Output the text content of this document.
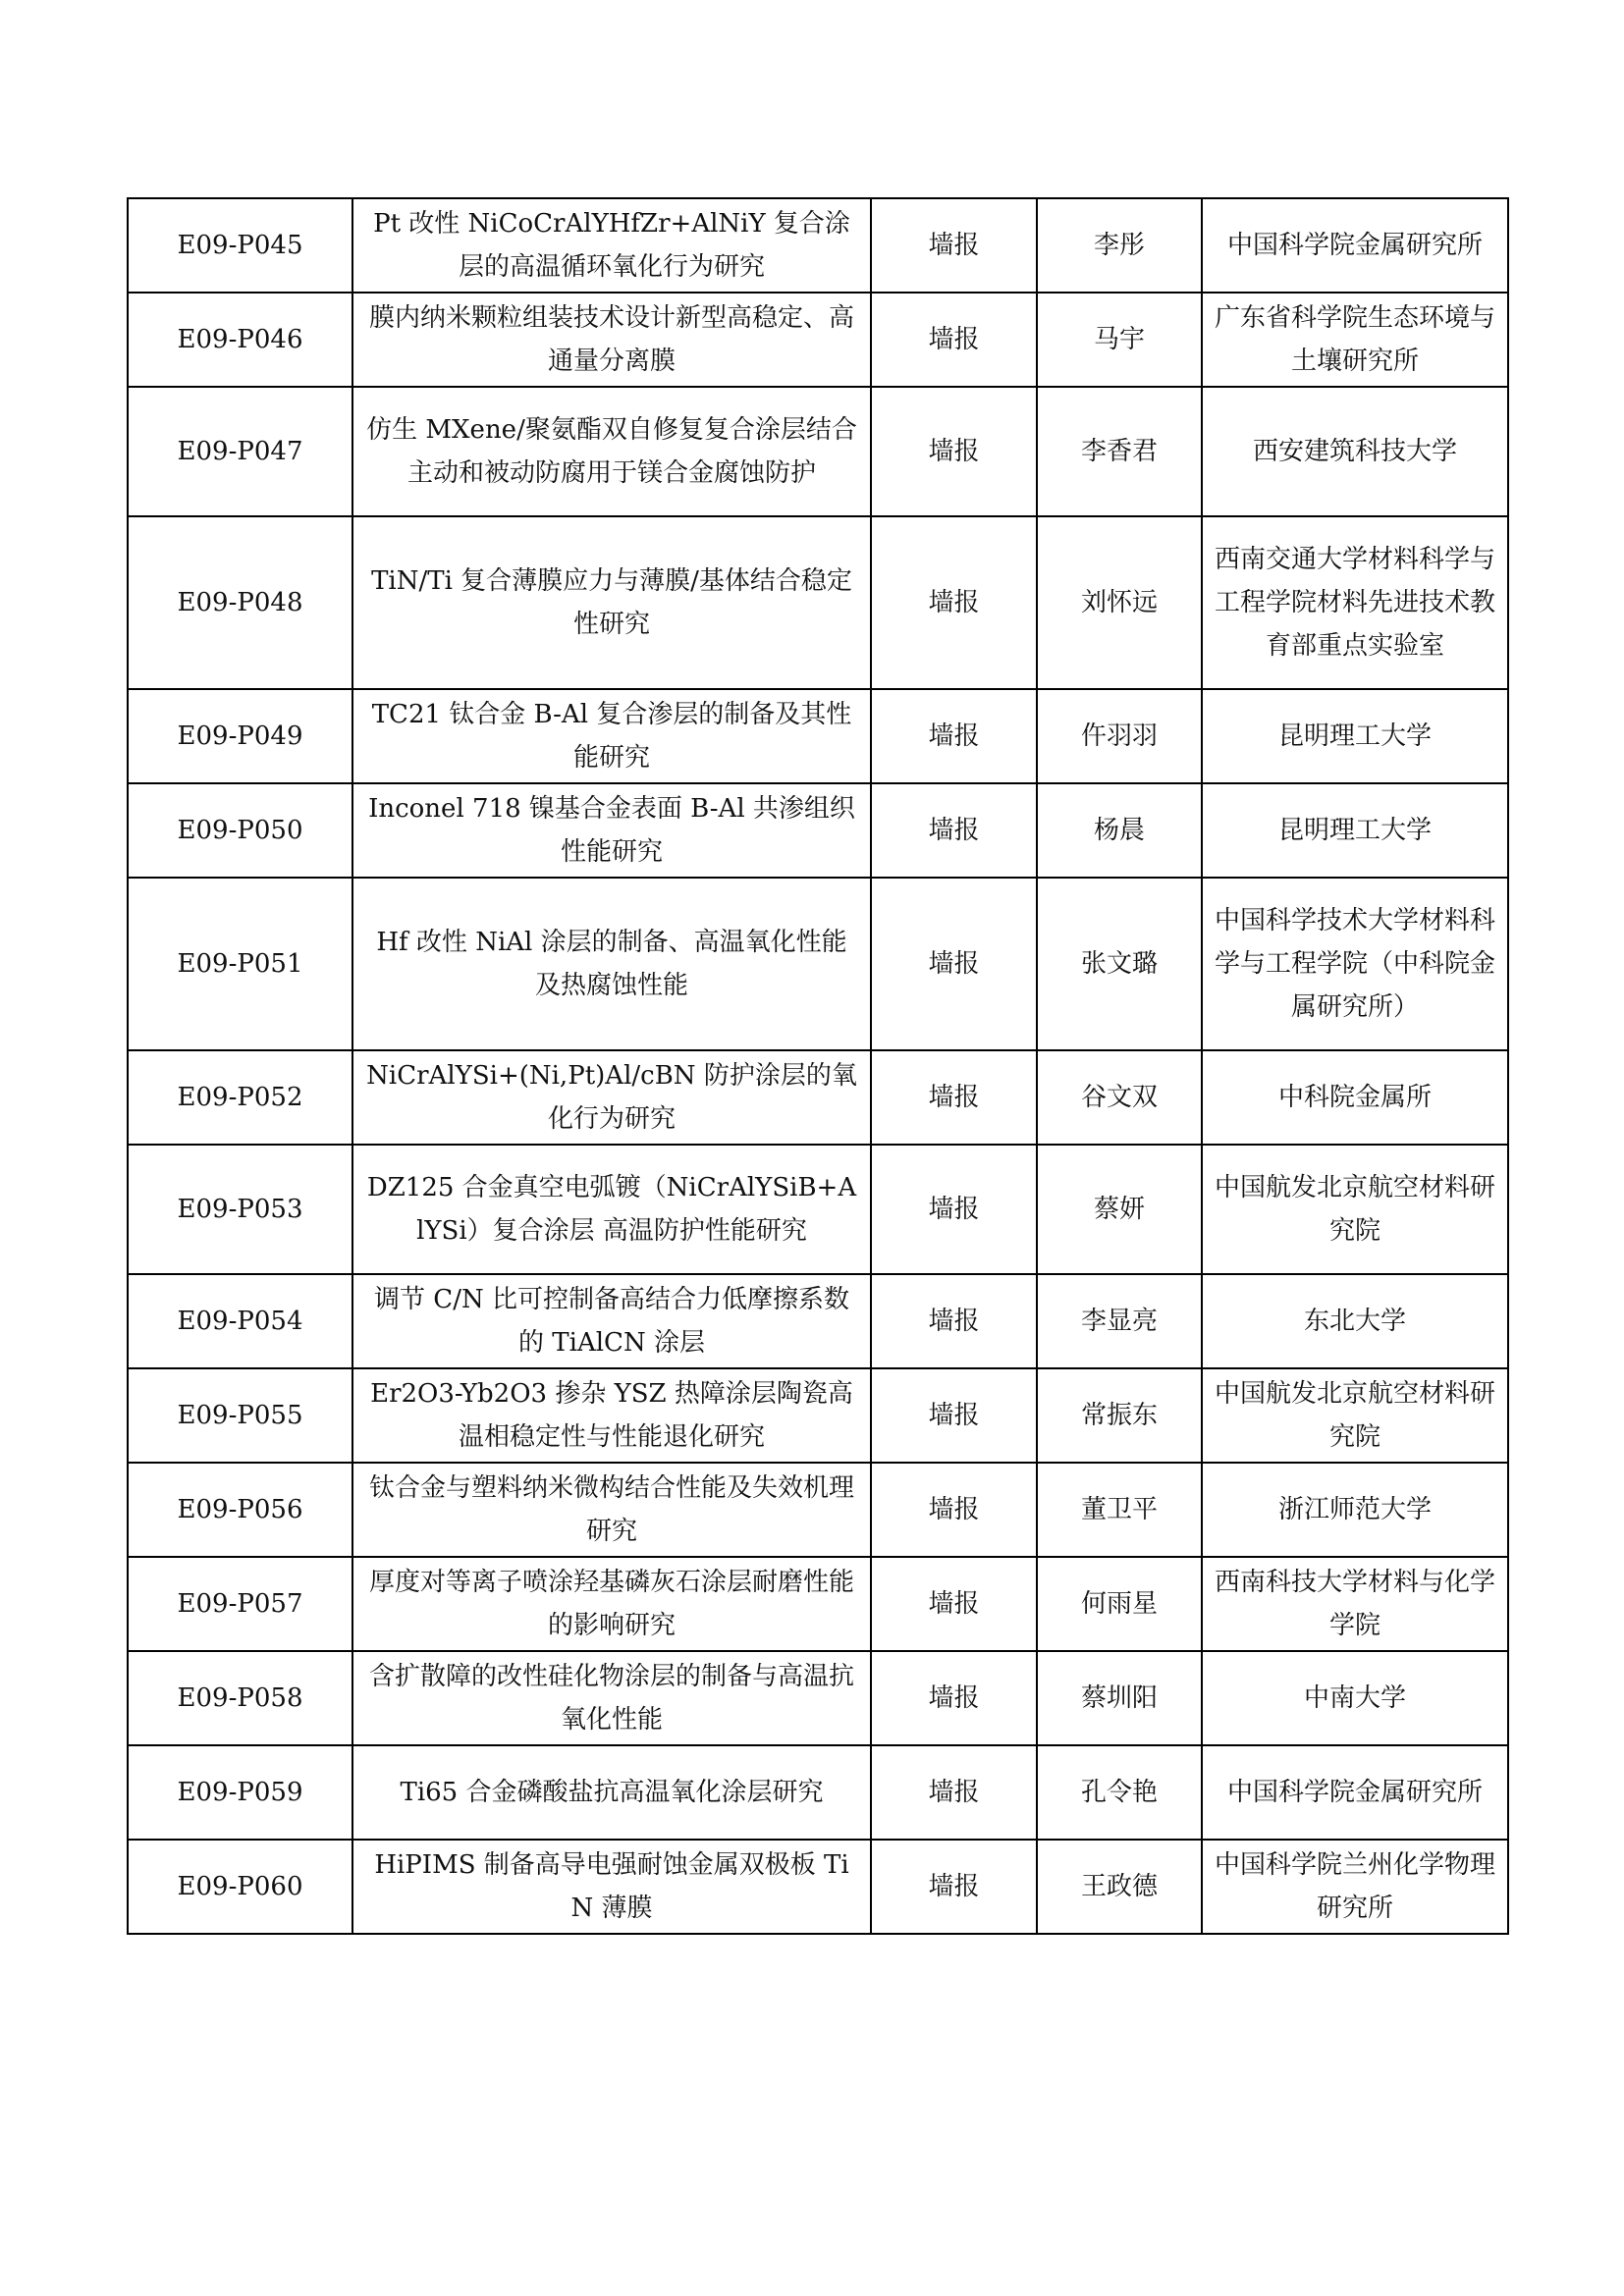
E09-P045	Pt 改性 NiCoCrAlYHfZr+AlNiY 复合涂层的高温循环氧化行为研究	墙报	李彤	中国科学院金属研究所
E09-P046	膜内纳米颗粒组装技术设计新型高稳定、高通量分离膜	墙报	马宇	广东省科学院生态环境与土壤研究所
E09-P047	仿生 MXene/聚氨酯双自修复复合涂层结合主动和被动防腐用于镁合金腐蚀防护	墙报	李香君	西安建筑科技大学
E09-P048	TiN/Ti 复合薄膜应力与薄膜/基体结合稳定性研究	墙报	刘怀远	西南交通大学材料科学与工程学院材料先进技术教育部重点实验室
E09-P049	TC21 钛合金 B-Al 复合渗层的制备及其性能研究	墙报	仵羽羽	昆明理工大学
E09-P050	Inconel 718 镍基合金表面 B-Al 共渗组织性能研究	墙报	杨晨	昆明理工大学
E09-P051	Hf 改性 NiAl 涂层的制备、高温氧化性能及热腐蚀性能	墙报	张文璐	中国科学技术大学材料科学与工程学院（中科院金属研究所）
E09-P052	NiCrAlYSi+(Ni,Pt)Al/cBN 防护涂层的氧化行为研究	墙报	谷文双	中科院金属所
E09-P053	DZ125 合金真空电弧镀（NiCrAlYSiB+AlYSi）复合涂层 高温防护性能研究	墙报	蔡妍	中国航发北京航空材料研究院
E09-P054	调节 C/N 比可控制备高结合力低摩擦系数的 TiAlCN 涂层	墙报	李显亮	东北大学
E09-P055	Er2O3-Yb2O3 掺杂 YSZ 热障涂层陶瓷高温相稳定性与性能退化研究	墙报	常振东	中国航发北京航空材料研究院
E09-P056	钛合金与塑料纳米微构结合性能及失效机理研究	墙报	董卫平	浙江师范大学
E09-P057	厚度对等离子喷涂羟基磷灰石涂层耐磨性能的影响研究	墙报	何雨星	西南科技大学材料与化学学院
E09-P058	含扩散障的改性硅化物涂层的制备与高温抗氧化性能	墙报	蔡圳阳	中南大学
E09-P059	Ti65 合金磷酸盐抗高温氧化涂层研究	墙报	孔令艳	中国科学院金属研究所
E09-P060	HiPIMS 制备高导电强耐蚀金属双极板 TiN 薄膜	墙报	王政德	中国科学院兰州化学物理研究所
